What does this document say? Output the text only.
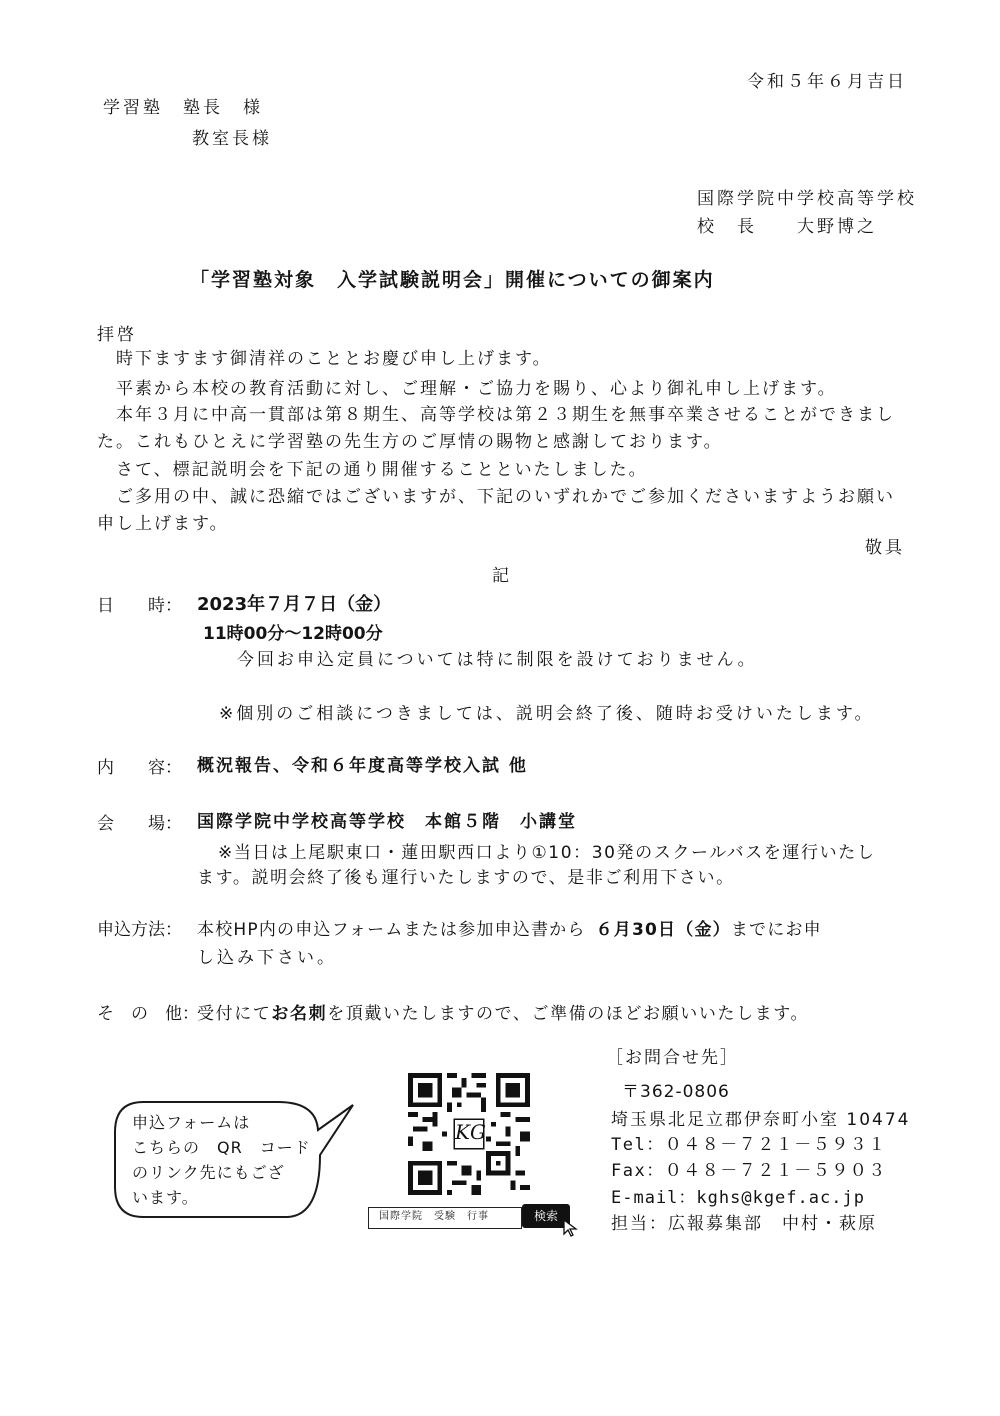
令和５年６月吉日
学習塾　塾長　様
教室長様
国際学院中学校高等学校
校　長　　大野博之
「学習塾対象　入学試験説明会」開催についての御案内
拝啓
時下ますます御清祥のこととお慶び申し上げます。
平素から本校の教育活動に対し、ご理解・ご協力を賜り、心より御礼申し上げます。
本年３月に中高一貫部は第８期生、高等学校は第２３期生を無事卒業させることができました。これもひとえに学習塾の先生方のご厚情の賜物と感謝しております。
さて、標記説明会を下記の通り開催することといたしました。
ご多用の中、誠に恐縮ではございますが、下記のいずれかでご参加くださいますようお願い申し上げます。
敬具
記
日　　時： 2023年７月７日（金）
11時00分～12時00分
今回お申込定員については特に制限を設けておりません。
※個別のご相談につきましては、説明会終了後、随時お受けいたします。
内　　容： 概況報告、令和６年度高等学校入試 他
会　　場： 国際学院中学校高等学校　本館５階　小講堂
※当日は上尾駅東口・蓮田駅西口より①10：30発のスクールバスを運行いたし
ます。説明会終了後も運行いたしますので、是非ご利用下さい。
申込方法： 本校HP内の申込フォームまたは参加申込書から ６月30日（金）までにお申
し込み下さい。
そ　の　他：
受付にてお名刺を頂戴いたしますので、ご準備のほどお願いいたします。
申込フォームは
こちらの　QR　コード
のリンク先にもござ
います。
KG
国際学院　受験　行事	検索
［お問合せ先］
〒362-0806
埼玉県北足立郡伊奈町小室 10474
Tel：０４８－７２１－５９３１
Fax：０４８－７２１－５９０３
E-mail：kghs@kgef.ac.jp
担当：広報募集部　中村・萩原
